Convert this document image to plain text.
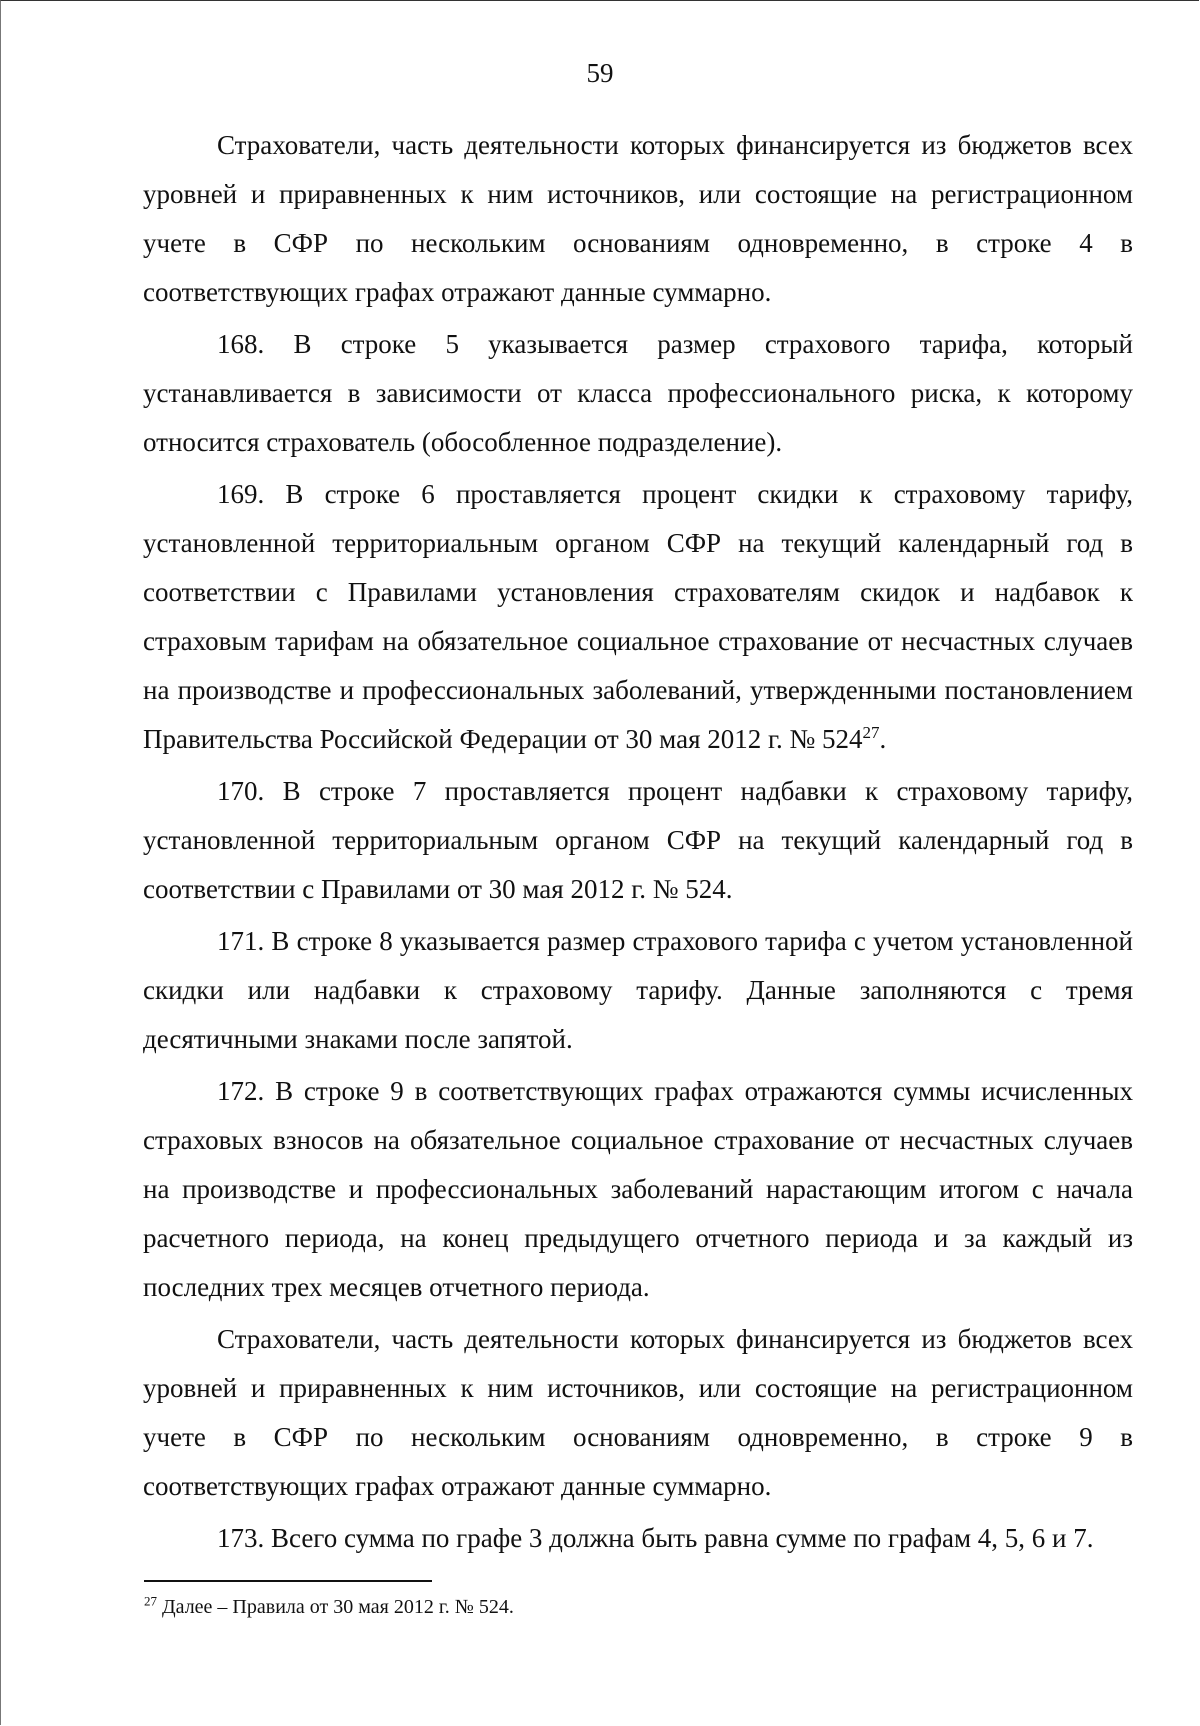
59

Страхователи, часть деятельности которых финансируется из бюджетов всех уровней и приравненных к ним источников, или состоящие на регистрационном учете в СФР по нескольким основаниям одновременно, в строке 4 в соответствующих графах отражают данные суммарно.

168. В строке 5 указывается размер страхового тарифа, который устанавливается в зависимости от класса профессионального риска, к которому относится страхователь (обособленное подразделение).

169. В строке 6 проставляется процент скидки к страховому тарифу, установленной территориальным органом СФР на текущий календарный год в соответствии с Правилами установления страхователям скидок и надбавок к страховым тарифам на обязательное социальное страхование от несчастных случаев на производстве и профессиональных заболеваний, утвержденными постановлением Правительства Российской Федерации от 30 мая 2012 г. № $524^{27}$.

170. В строке 7 проставляется процент надбавки к страховому тарифу, установленной территориальным органом СФР на текущий календарный год в соответствии с Правилами от 30 мая 2012 г. № 524.

171. В строке 8 указывается размер страхового тарифа с учетом установленной скидки или надбавки к страховому тарифу. Данные заполняются с тремя десятичными знаками после запятой.

172. В строке 9 в соответствующих графах отражаются суммы исчисленных страховых взносов на обязательное социальное страхование от несчастных случаев на производстве и профессиональных заболеваний нарастающим итогом с начала расчетного периода, на конец предыдущего отчетного периода и за каждый из последних трех месяцев отчетного периода.

Страхователи, часть деятельности которых финансируется из бюджетов всех уровней и приравненных к ним источников, или состоящие на регистрационном учете в СФР по нескольким основаниям одновременно, в строке 9 в соответствующих графах отражают данные суммарно.

173. Всего сумма по графе 3 должна быть равна сумме по графам 4, 5, 6 и 7.

$^{27}$ Далее – Правила от 30 мая 2012 г. № 524.
